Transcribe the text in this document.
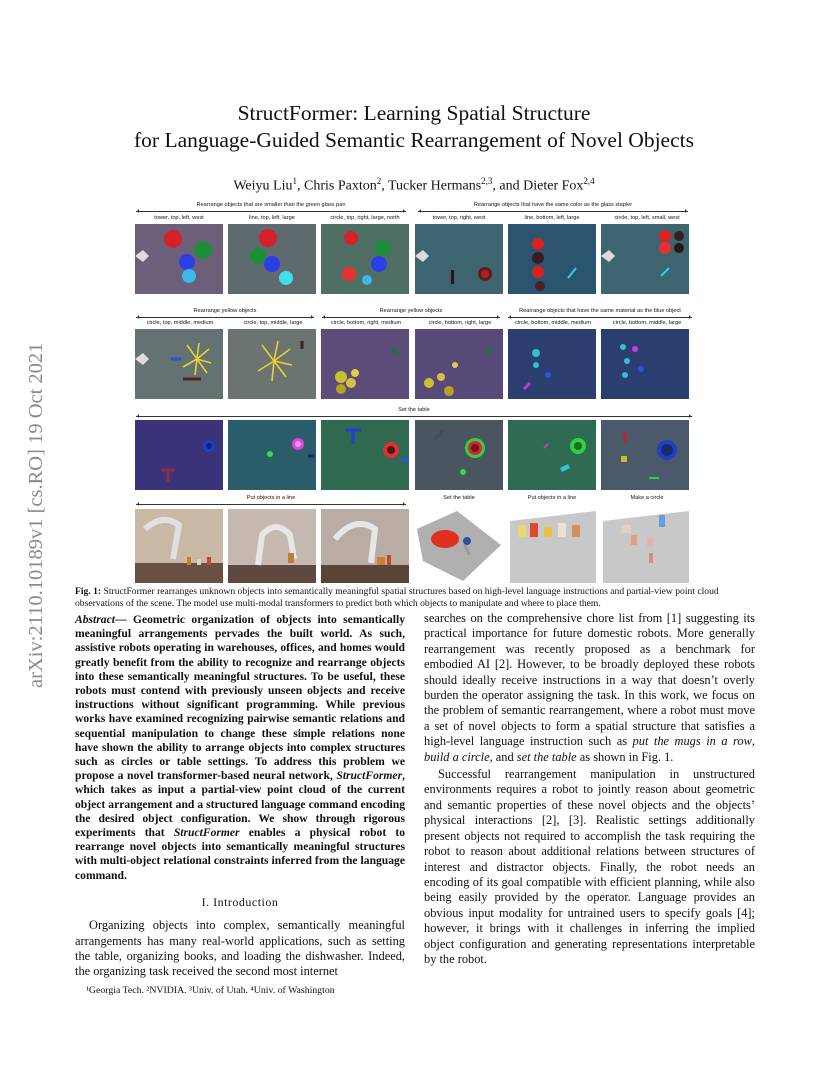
arXiv:2110.10189v1 [cs.RO] 19 Oct 2021
StructFormer: Learning Spatial Structure
for Language-Guided Semantic Rearrangement of Novel Objects
Weiyu Liu$^1$, Chris Paxton$^2$, Tucker Hermans$^{2,3}$, and Dieter Fox$^{2,4}$
Rearrange objects that are smaller than the green glass pan	Rearrange objects that have the same color as the glass stapler
tower, top, left, west	line, top, left, large	circle, top, right, large, north	tower, top, right, west	line, bottom, left, large	circle, top, left, small, west
Rearrange yellow objects	Rearrange yellow objects	Rearrange objects that have the same material as the blue object
circle, top, middle, medium	circle, top, middle, large	circle, bottom, right, medium	circle, bottom, right, large	circle, bottom, middle, medium	circle, bottom, middle, large
Set the table
Put objects in a line	Set the table	Put objects in a line	Make a circle
Fig. 1: StructFormer rearranges unknown objects into semantically meaningful spatial structures based on high-level language instructions and partial-view point cloud observations of the scene. The model use multi-modal transformers to predict both which objects to manipulate and where to place them.

Abstract— Geometric organization of objects into semantically meaningful arrangements pervades the built world. As such, assistive robots operating in warehouses, offices, and homes would greatly benefit from the ability to recognize and rearrange objects into these semantically meaningful structures. To be useful, these robots must contend with previously unseen objects and receive instructions without significant programming. While previous works have examined recognizing pairwise semantic relations and sequential manipulation to change these simple relations none have shown the ability to arrange objects into complex structures such as circles or table settings. To address this problem we propose a novel transformer-based neural network, StructFormer, which takes as input a partial-view point cloud of the current object arrangement and a structured language command encoding the desired object configuration. We show through rigorous experiments that StructFormer enables a physical robot to rearrange novel objects into semantically meaningful structures with multi-object relational constraints inferred from the language command.

I. Introduction

Organizing objects into complex, semantically meaningful arrangements has many real-world applications, such as setting the table, organizing books, and loading the dishwasher. Indeed, the organizing task received the second most internet

¹Georgia Tech. ²NVIDIA. ³Univ. of Utah. ⁴Univ. of Washington

searches on the comprehensive chore list from [1] suggesting its practical importance for future domestic robots. More generally rearrangement was recently proposed as a benchmark for embodied AI [2]. However, to be broadly deployed these robots should ideally receive instructions in a way that doesn’t overly burden the operator assigning the task. In this work, we focus on the problem of semantic rearrangement, where a robot must move a set of novel objects to form a spatial structure that satisfies a high-level language instruction such as put the mugs in a row, build a circle, and set the table as shown in Fig. 1.

Successful rearrangement manipulation in unstructured environments requires a robot to jointly reason about geometric and semantic properties of these novel objects and the objects’ physical interactions [2], [3]. Realistic settings additionally present objects not required to accomplish the task requiring the robot to reason about additional relations between structures of interest and distractor objects. Finally, the robot needs an encoding of its goal compatible with efficient planning, while also being easily provided by the operator. Language provides an obvious input modality for untrained users to specify goals [4]; however, it brings with it challenges in inferring the implied object configuration and generating representations interpretable by the robot.
